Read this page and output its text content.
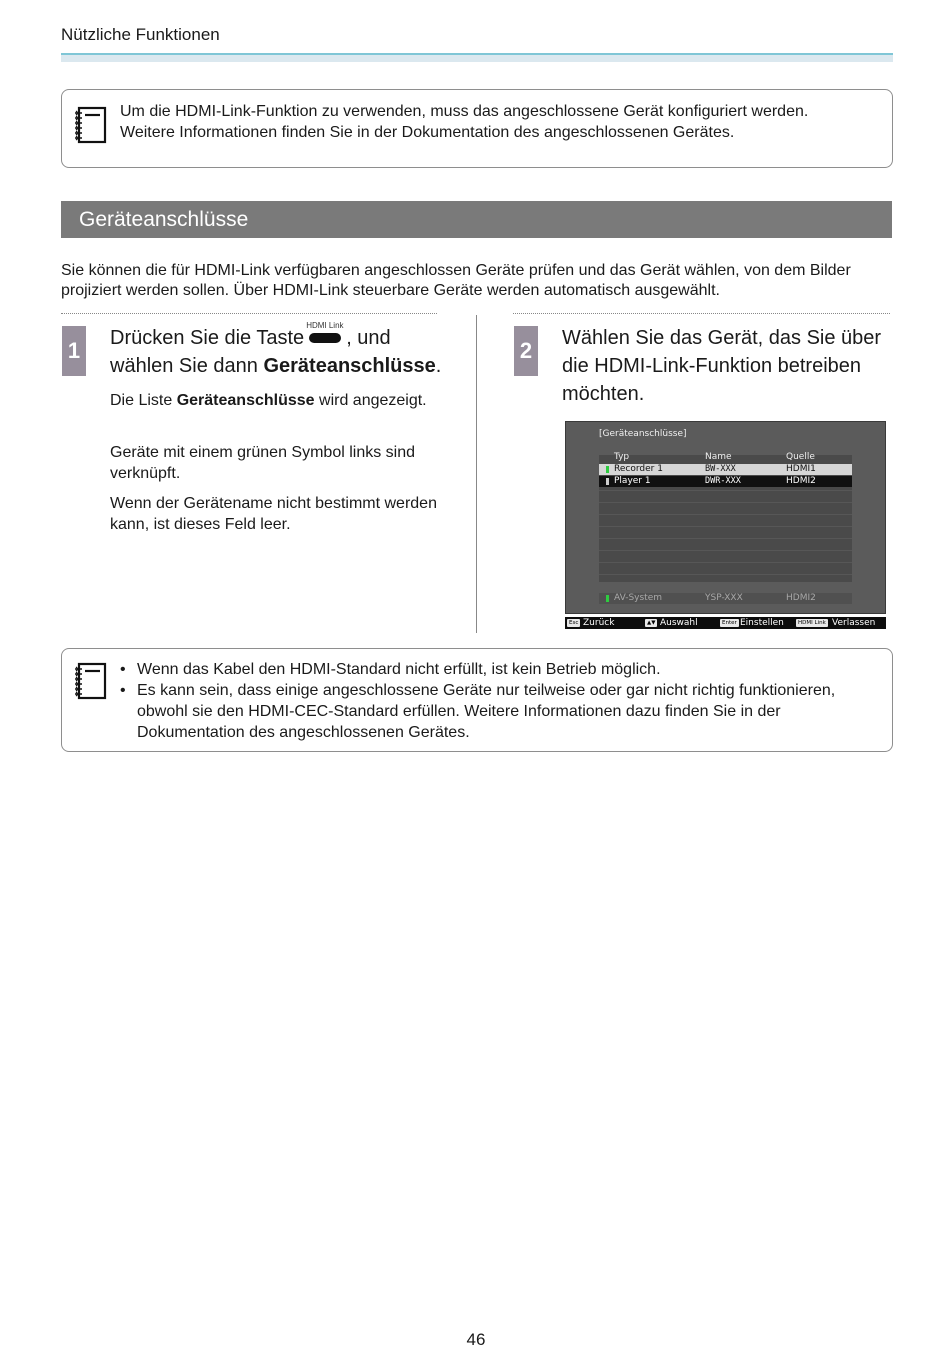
Nützliche Funktionen
Um die HDMI-Link-Funktion zu verwenden, muss das angeschlossene Gerät konfiguriert werden.
Weitere Informationen finden Sie in der Dokumentation des angeschlossenen Gerätes.
Geräteanschlüsse
Sie können die für HDMI-Link verfügbaren angeschlossen Geräte prüfen und das Gerät wählen, von dem Bilder projiziert werden sollen. Über HDMI-Link steuerbare Geräte werden automatisch ausgewählt.
1 Drücken Sie die Taste
HDMI Link
, und wählen Sie dann Geräteanschlüsse.
Die Liste Geräteanschlüsse wird angezeigt.
Geräte mit einem grünen Symbol links sind verknüpft.
Wenn der Gerätename nicht bestimmt werden kann, ist dieses Feld leer.
2 Wählen Sie das Gerät, das Sie über die HDMI-Link-Funktion betreiben möchten.
[Geräteanschlüsse]
Typ	Name	Quelle
Recorder 1	BW-XXX	HDMI1
Player 1	DWR-XXX	HDMI2
AV-System	YSP-XXX	HDMI2
Esc Zurück	▲▼ Auswahl	Enter Einstellen	HDMI Link Verlassen
• Wenn das Kabel den HDMI-Standard nicht erfüllt, ist kein Betrieb möglich.
• Es kann sein, dass einige angeschlossene Geräte nur teilweise oder gar nicht richtig funktionieren, obwohl sie den HDMI-CEC-Standard erfüllen. Weitere Informationen dazu finden Sie in der Dokumentation des angeschlossenen Gerätes.
46
